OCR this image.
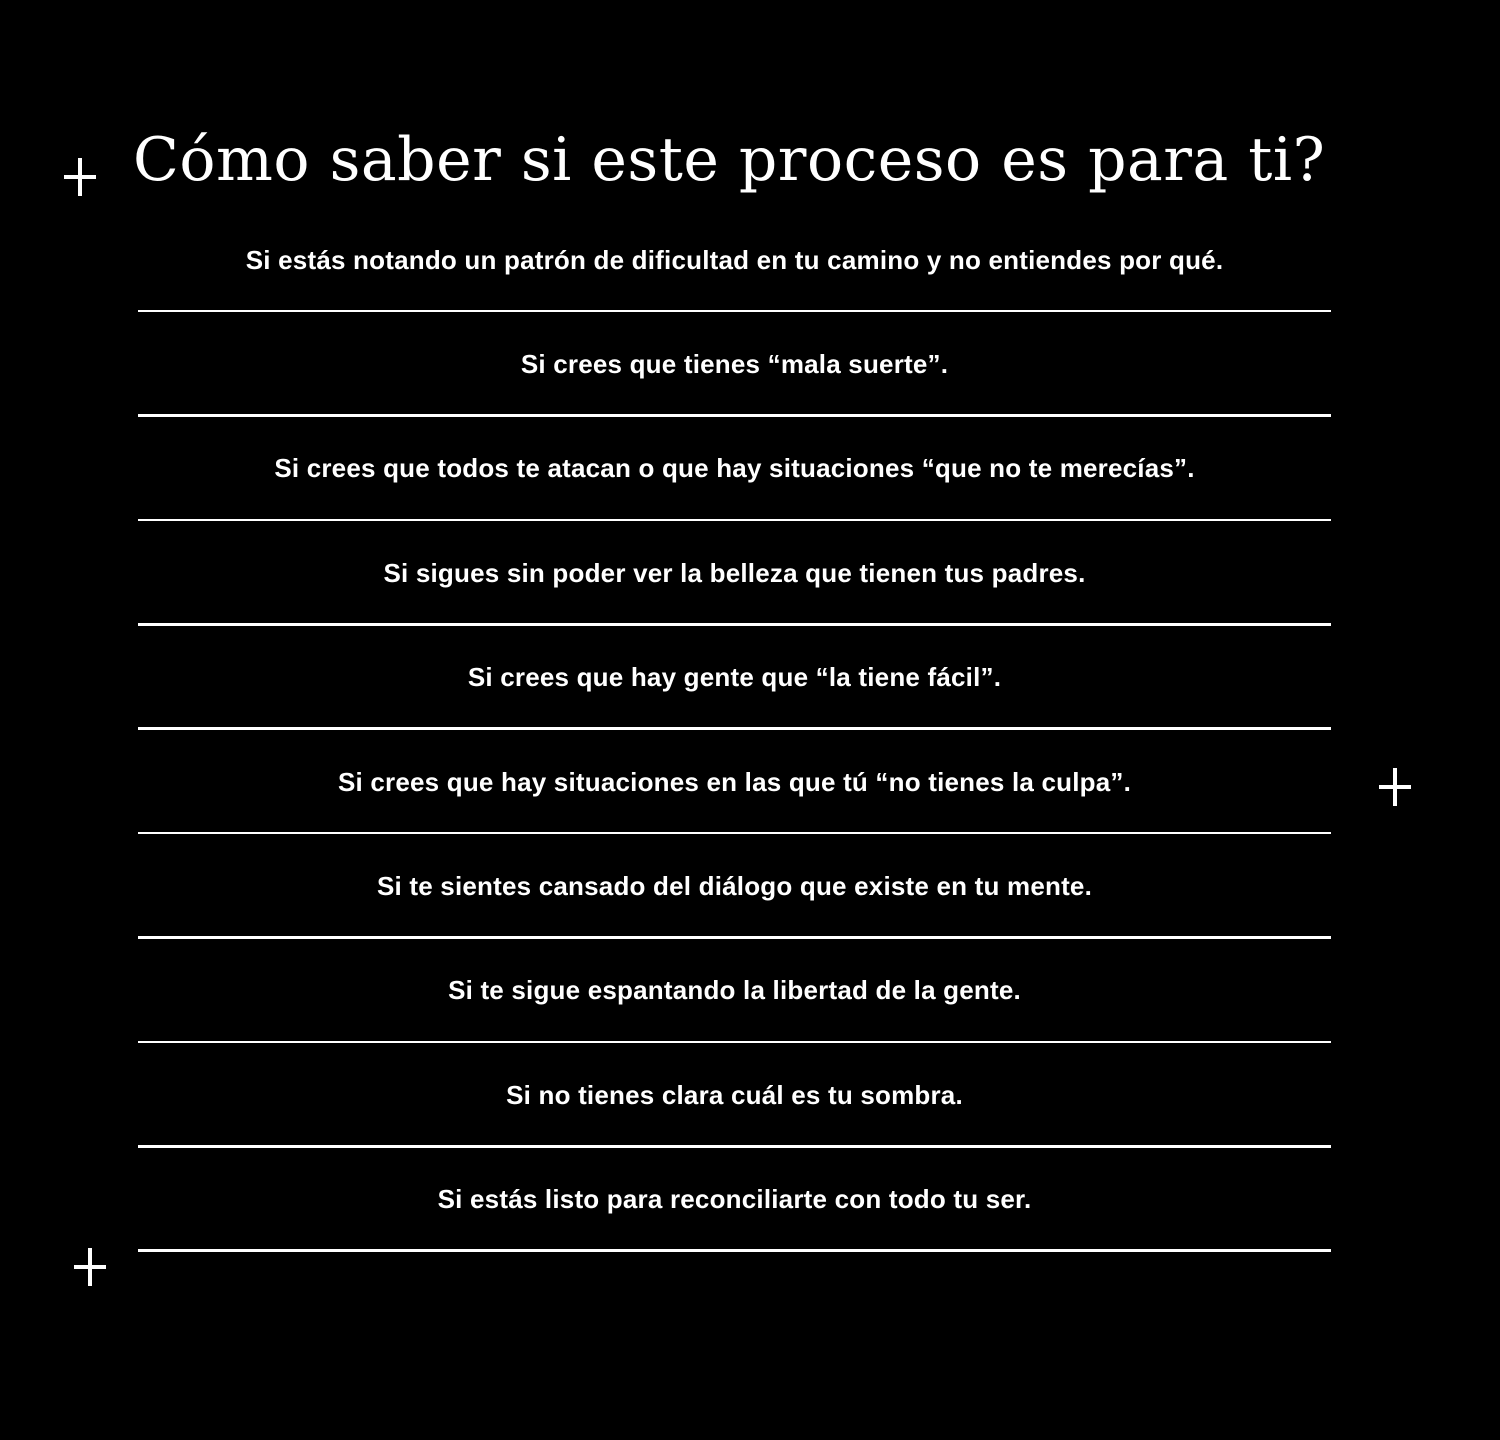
Cómo saber si este proceso es para ti?
Si estás notando un patrón de dificultad en tu camino y no entiendes por qué.
Si crees que tienes “mala suerte”.
Si crees que todos te atacan o que hay situaciones “que no te merecías”.
Si sigues sin poder ver la belleza que tienen tus padres.
Si crees que hay gente que “la tiene fácil”.
Si crees que hay situaciones en las que tú “no tienes la culpa”.
Si te sientes cansado del diálogo que existe en tu mente.
Si te sigue espantando la libertad de la gente.
Si no tienes clara cuál es tu sombra.
Si estás listo para reconciliarte con todo tu ser.
